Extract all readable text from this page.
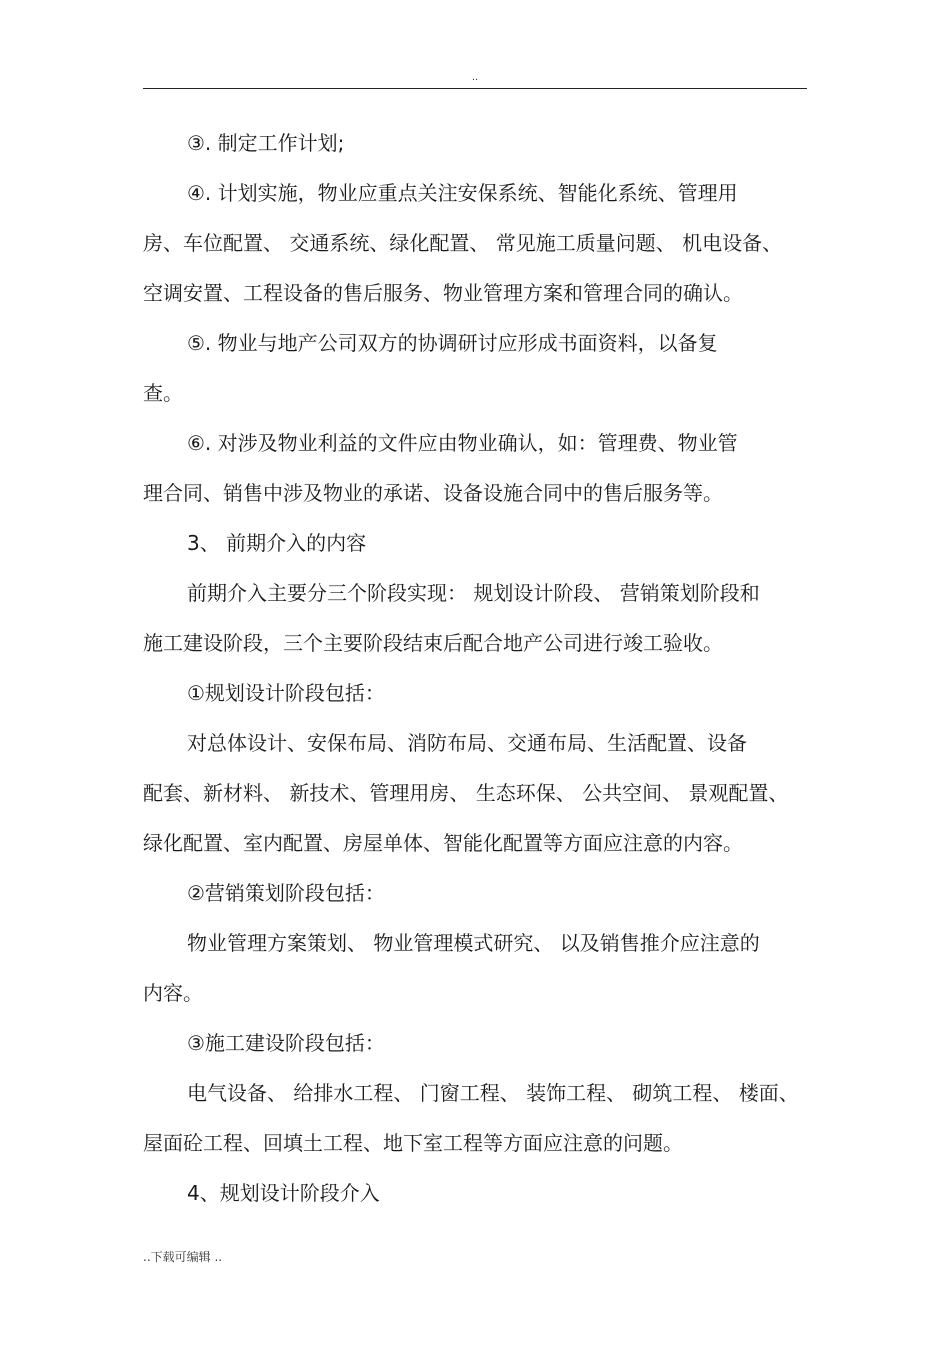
..

③. 制定工作计划;

④. 计划实施，物业应重点关注安保系统、智能化系统、管理用

房、车位配置、 交通系统、绿化配置、 常见施工质量问题、 机电设备、

空调安置、工程设备的售后服务、物业管理方案和管理合同的确认。

⑤. 物业与地产公司双方的协调研讨应形成书面资料，以备复

查。

⑥. 对涉及物业利益的文件应由物业确认，如：管理费、物业管

理合同、销售中涉及物业的承诺、设备设施合同中的售后服务等。

3、 前期介入的内容

前期介入主要分三个阶段实现： 规划设计阶段、 营销策划阶段和

施工建设阶段，三个主要阶段结束后配合地产公司进行竣工验收。

①规划设计阶段包括：

对总体设计、安保布局、消防布局、交通布局、生活配置、设备

配套、新材料、 新技术、管理用房、 生态环保、 公共空间、 景观配置、

绿化配置、室内配置、房屋单体、智能化配置等方面应注意的内容。

②营销策划阶段包括：

物业管理方案策划、 物业管理模式研究、 以及销售推介应注意的

内容。

③施工建设阶段包括：

电气设备、 给排水工程、 门窗工程、 装饰工程、 砌筑工程、 楼面、

屋面砼工程、回填土工程、地下室工程等方面应注意的问题。

4、规划设计阶段介入

..下载可编辑 ..
